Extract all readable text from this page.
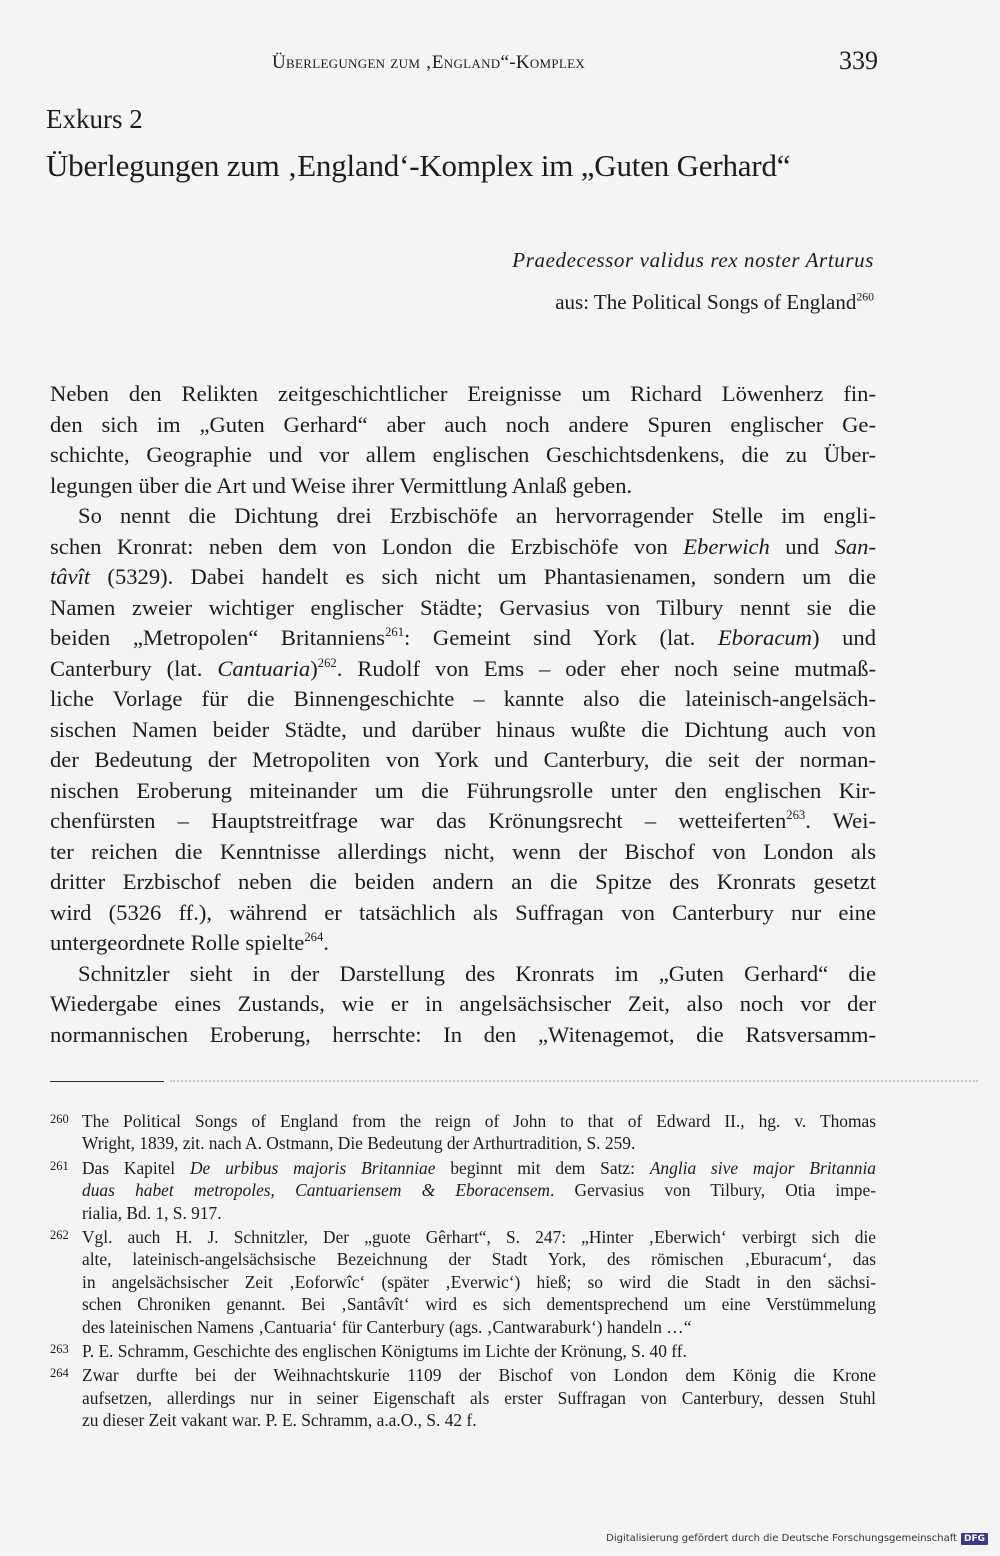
Überlegungen zum ‚England“-Komplex	339
Exkurs 2
Überlegungen zum ‚England‘-Komplex im „Guten Gerhard“
Praedecessor validus rex noster Arturus
aus: The Political Songs of England$^{260}$
Neben den Relikten zeitgeschichtlicher Ereignisse um Richard Löwenherz fin-
den sich im „Guten Gerhard“ aber auch noch andere Spuren englischer Ge-
schichte, Geographie und vor allem englischen Geschichtsdenkens, die zu Über-
legungen über die Art und Weise ihrer Vermittlung Anlaß geben.
So nennt die Dichtung drei Erzbischöfe an hervorragender Stelle im engli-
schen Kronrat: neben dem von London die Erzbischöfe von Eberwich und San-
tâvît (5329). Dabei handelt es sich nicht um Phantasienamen, sondern um die
Namen zweier wichtiger englischer Städte; Gervasius von Tilbury nennt sie die
beiden „Metropolen“ Britanniens$^{261}$: Gemeint sind York (lat. Eboracum) und
Canterbury (lat. Cantuaria)$^{262}$. Rudolf von Ems – oder eher noch seine mutmaß-
liche Vorlage für die Binnengeschichte – kannte also die lateinisch-angelsäch-
sischen Namen beider Städte, und darüber hinaus wußte die Dichtung auch von
der Bedeutung der Metropoliten von York und Canterbury, die seit der norman-
nischen Eroberung miteinander um die Führungsrolle unter den englischen Kir-
chenfürsten – Hauptstreitfrage war das Krönungsrecht – wetteiferten$^{263}$. Wei-
ter reichen die Kenntnisse allerdings nicht, wenn der Bischof von London als
dritter Erzbischof neben die beiden andern an die Spitze des Kronrats gesetzt
wird (5326 ff.), während er tatsächlich als Suffragan von Canterbury nur eine
untergeordnete Rolle spielte$^{264}$.
Schnitzler sieht in der Darstellung des Kronrats im „Guten Gerhard“ die
Wiedergabe eines Zustands, wie er in angelsächsischer Zeit, also noch vor der
normannischen Eroberung, herrschte: In den „Witenagemot, die Ratsversamm-
260 The Political Songs of England from the reign of John to that of Edward II., hg. v. Thomas
Wright, 1839, zit. nach A. Ostmann, Die Bedeutung der Arthurtradition, S. 259.
261 Das Kapitel De urbibus majoris Britanniae beginnt mit dem Satz: Anglia sive major Britannia
duas habet metropoles, Cantuariensem & Eboracensem. Gervasius von Tilbury, Otia impe-
rialia, Bd. 1, S. 917.
262 Vgl. auch H. J. Schnitzler, Der „guote Gêrhart“, S. 247: „Hinter ‚Eberwich‘ verbirgt sich die
alte, lateinisch-angelsächsische Bezeichnung der Stadt York, des römischen ‚Eburacum‘, das
in angelsächsischer Zeit ‚Eoforwîc‘ (später ‚Everwic‘) hieß; so wird die Stadt in den sächsi-
schen Chroniken genannt. Bei ‚Santâvît‘ wird es sich dementsprechend um eine Verstümmelung
des lateinischen Namens ‚Cantuaria‘ für Canterbury (ags. ‚Cantwaraburk‘) handeln …“
263 P. E. Schramm, Geschichte des englischen Königtums im Lichte der Krönung, S. 40 ff.
264 Zwar durfte bei der Weihnachtskurie 1109 der Bischof von London dem König die Krone
aufsetzen, allerdings nur in seiner Eigenschaft als erster Suffragan von Canterbury, dessen Stuhl
zu dieser Zeit vakant war. P. E. Schramm, a.a.O., S. 42 f.
Digitalisierung gefördert durch die Deutsche Forschungsgemeinschaft DFG
